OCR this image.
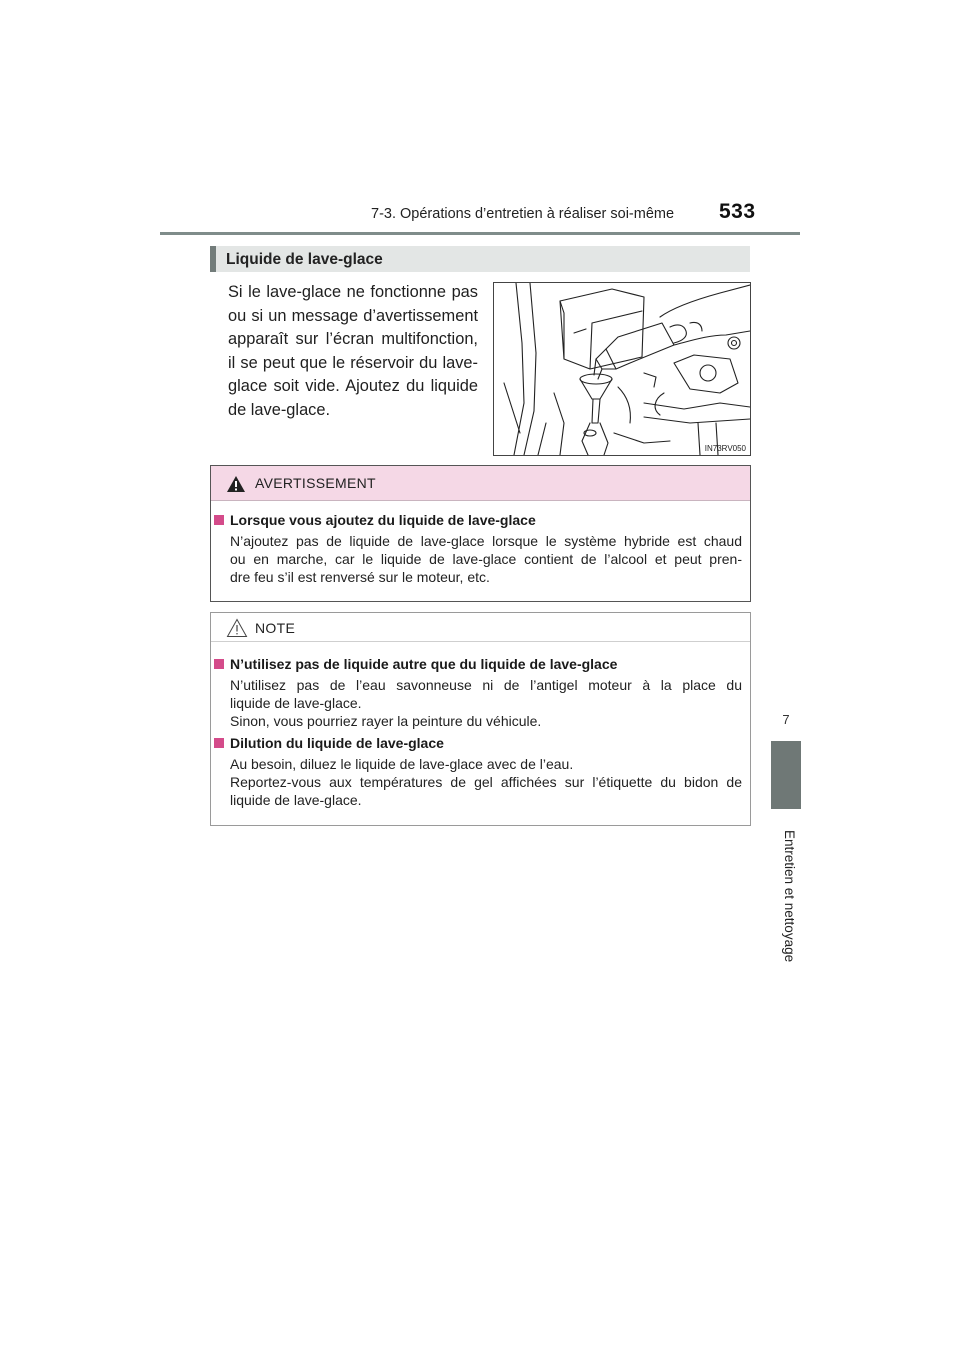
7-3. Opérations d’entretien à réaliser soi-même 533
7
Entretien et nettoyage
Liquide de lave-glace
Si le lave-glace ne fonctionne pas
ou si un message d’avertissement
apparaît sur l’écran multifonction,
il se peut que le réservoir du lave-
glace soit vide. Ajoutez du liquide
de lave-glace.
IN73RV050
AVERTISSEMENT
Lorsque vous ajoutez du liquide de lave-glace
N’ajoutez pas de liquide de lave-glace lorsque le système hybride est chaud
ou en marche, car le liquide de lave-glace contient de l’alcool et peut pren-
dre feu s’il est renversé sur le moteur, etc.
NOTE
N’utilisez pas de liquide autre que du liquide de lave-glace
N’utilisez pas de l’eau savonneuse ni de l’antigel moteur à la place du
liquide de lave-glace.
Sinon, vous pourriez rayer la peinture du véhicule.
Dilution du liquide de lave-glace
Au besoin, diluez le liquide de lave-glace avec de l’eau.
Reportez-vous aux températures de gel affichées sur l’étiquette du bidon de
liquide de lave-glace.
